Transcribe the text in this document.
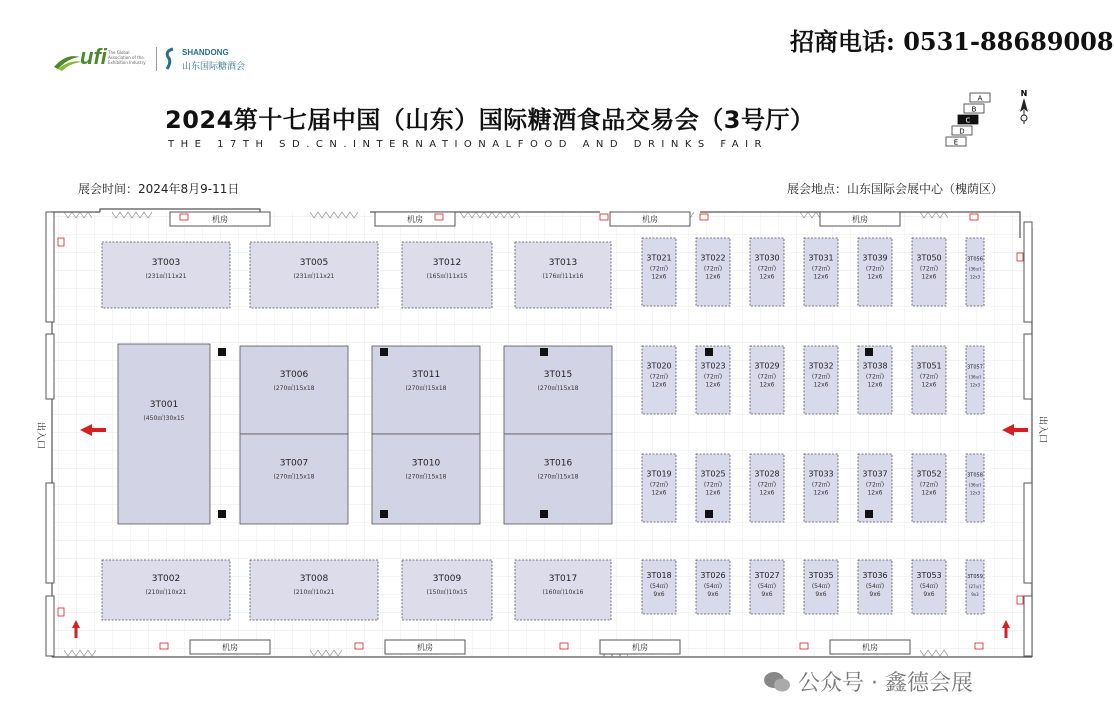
招商电话: 0531-88689008
ufi The Global Association of the Exhibition Industry
SHANDONG
山东国际糖酒会
2024第十七届中国（山东）国际糖酒食品交易会（3号厅）
THE 17TH SD.CN.INTERNATIONALFOOD AND DRINKS FAIR
展会时间：2024年8月9-11日	展会地点：山东国际会展中心（槐荫区）
A
B
C
D
E
N
机房	机房	机房	机房
机房	机房	机房	机房
出入口	出入口
3T003
(231㎡)11x21
3T005
(231㎡)11x21
3T012
(165㎡)11x15
3T013
(176㎡)11x16
3T001
(450㎡)30x15
3T006
(270㎡)15x18
3T007
(270㎡)15x18
3T011
(270㎡)15x18
3T010
(270㎡)15x18
3T015
(270㎡)15x18
3T016
(270㎡)15x18
3T002
(210㎡)10x21
3T008
(210㎡)10x21
3T009
(150㎡)10x15
3T017
(160㎡)10x16
3T021
(72㎡)
12x6
3T022
(72㎡)
12x6
3T030
(72㎡)
12x6
3T031
(72㎡)
12x6
3T039
(72㎡)
12x6
3T050
(72㎡)
12x6
3T056
(36㎡)
12x3
3T020
(72㎡)
12x6
3T023
(72㎡)
12x6
3T029
(72㎡)
12x6
3T032
(72㎡)
12x6
3T038
(72㎡)
12x6
3T051
(72㎡)
12x6
3T057
(36㎡)
12x3
3T019
(72㎡)
12x6
3T025
(72㎡)
12x6
3T028
(72㎡)
12x6
3T033
(72㎡)
12x6
3T037
(72㎡)
12x6
3T052
(72㎡)
12x6
3T058
(36㎡)
12x3
3T018
(54㎡)
9x6
3T026
(54㎡)
9x6
3T027
(54㎡)
9x6
3T035
(54㎡)
9x6
3T036
(54㎡)
9x6
3T053
(54㎡)
9x6
3T059
(27㎡)
9x3
公众号 · 鑫德会展
